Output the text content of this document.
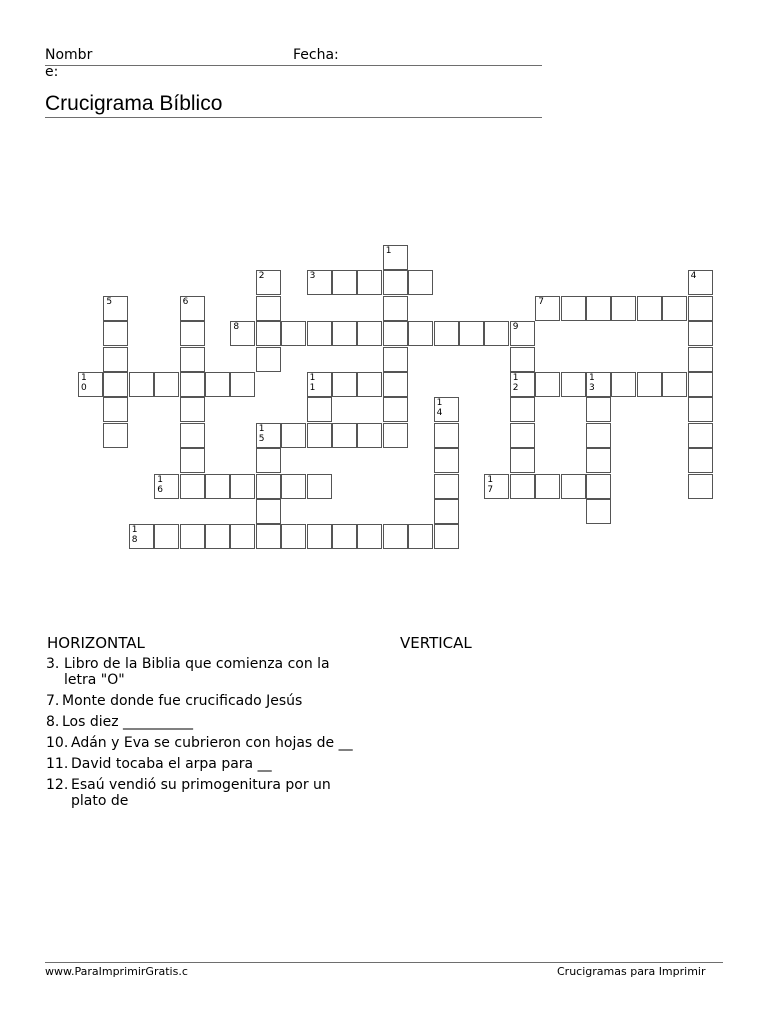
Nombr
e:
Fecha:
Crucigrama Bíblico
1
2	4
5	6
9
12
13
14
15
11
3
7
8
10
16
17
18
HORIZONTAL	VERTICAL
3. Libro de la Biblia que comienza con la letra "O"
7. Monte donde fue crucificado Jesús
8. Los diez __________
10. Adán y Eva se cubrieron con hojas de __
11. David tocaba el arpa para __
12. Esaú vendió su primogenitura por un plato de
www.ParaImprimirGratis.c	Crucigramas para Imprimir
